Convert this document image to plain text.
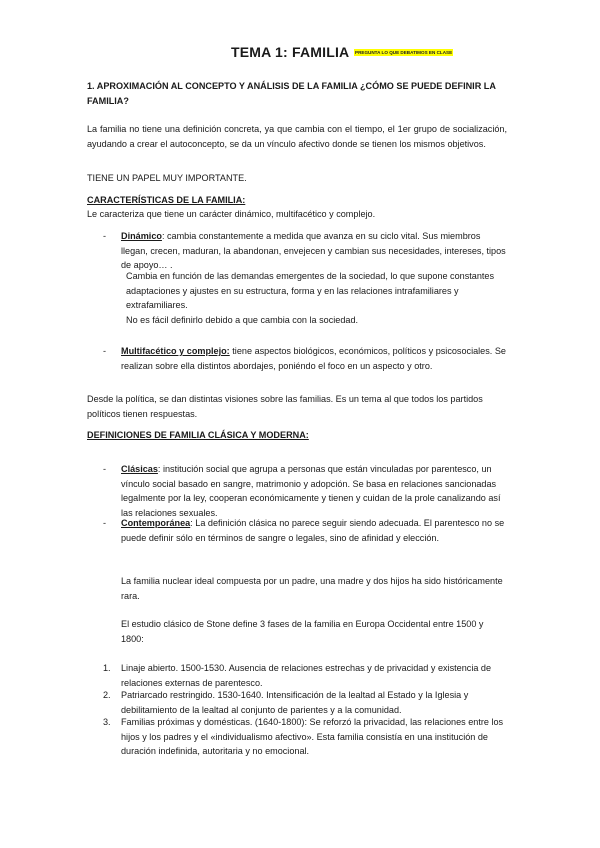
TEMA 1: FAMILIA PREGUNTA LO QUE DEBATIMOS EN CLASE
1. APROXIMACIÓN AL CONCEPTO Y ANÁLISIS DE LA FAMILIA ¿CÓMO SE PUEDE DEFINIR LA FAMILIA?
La familia no tiene una definición concreta, ya que cambia con el tiempo, el 1er grupo de socialización, ayudando a crear el autoconcepto, se da un vínculo afectivo donde se tienen los mismos objetivos.
TIENE UN PAPEL MUY IMPORTANTE.
CARACTERÍSTICAS DE LA FAMILIA:
Le caracteriza que tiene un carácter dinámico, multifacético y complejo.
- Dinámico: cambia constantemente a medida que avanza en su ciclo vital. Sus miembros llegan, crecen, maduran, la abandonan, envejecen y cambian sus necesidades, intereses, tipos de apoyo… .
Cambia en función de las demandas emergentes de la sociedad, lo que supone constantes adaptaciones y ajustes en su estructura, forma y en las relaciones intrafamiliares y extrafamiliares.
No es fácil definirlo debido a que cambia con la sociedad.
- Multifacético y complejo: tiene aspectos biológicos, económicos, políticos y psicosociales. Se realizan sobre ella distintos abordajes, poniéndo el foco en un aspecto y otro.
Desde la política, se dan distintas visiones sobre las familias. Es un tema al que todos los partidos políticos tienen respuestas.
DEFINICIONES DE FAMILIA CLÁSICA Y MODERNA:
- Clásicas: institución social que agrupa a personas que están vinculadas por parentesco, un vínculo social basado en sangre, matrimonio y adopción. Se basa en relaciones sancionadas legalmente por la ley, cooperan económicamente y tienen y cuidan de la prole canalizando así las relaciones sexuales.
- Contemporánea: La definición clásica no parece seguir siendo adecuada. El parentesco no se puede definir sólo en términos de sangre o legales, sino de afinidad y elección.
La familia nuclear ideal compuesta por un padre, una madre y dos hijos ha sido históricamente rara.
El estudio clásico de Stone define 3 fases de la familia en Europa Occidental entre 1500 y 1800:
1. Linaje abierto. 1500-1530. Ausencia de relaciones estrechas y de privacidad y existencia de relaciones externas de parentesco.
2. Patriarcado restringido. 1530-1640. Intensificación de la lealtad al Estado y la Iglesia y debilitamiento de la lealtad al conjunto de parientes y a la comunidad.
3. Familias próximas y domésticas. (1640-1800): Se reforzó la privacidad, las relaciones entre los hijos y los padres y el «individualismo afectivo». Esta familia consistía en una institución de duración indefinida, autoritaria y no emocional.
